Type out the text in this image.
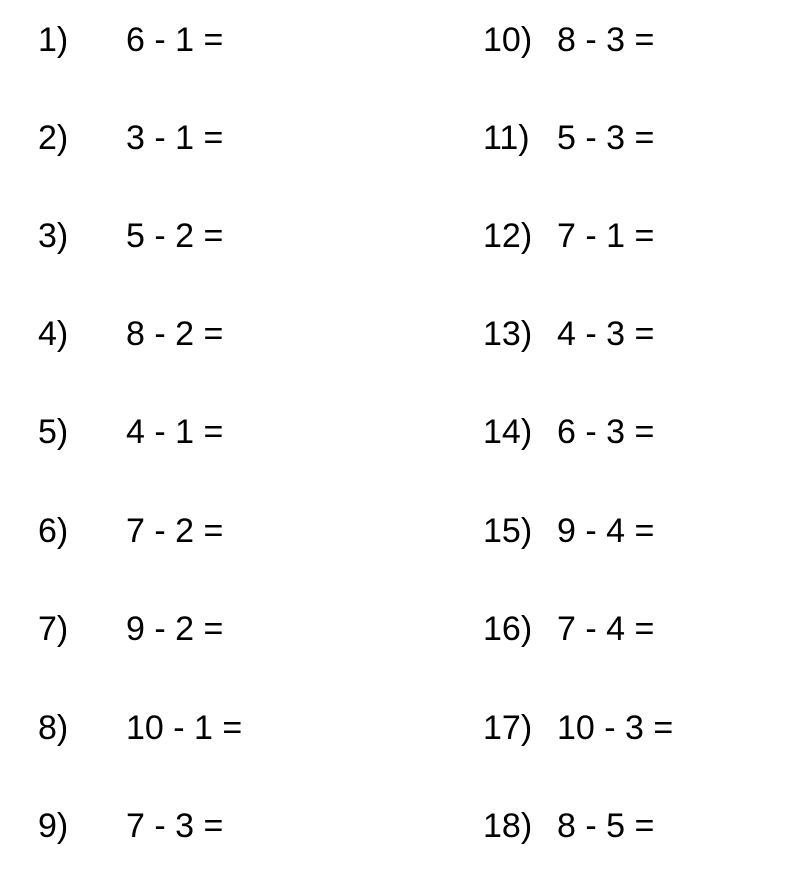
1) 6 - 1 =
2) 3 - 1 =
3) 5 - 2 =
4) 8 - 2 =
5) 4 - 1 =
6) 7 - 2 =
7) 9 - 2 =
8) 10 - 1 =
9) 7 - 3 =
10) 8 - 3 =
11) 5 - 3 =
12) 7 - 1 =
13) 4 - 3 =
14) 6 - 3 =
15) 9 - 4 =
16) 7 - 4 =
17) 10 - 3 =
18) 8 - 5 =
